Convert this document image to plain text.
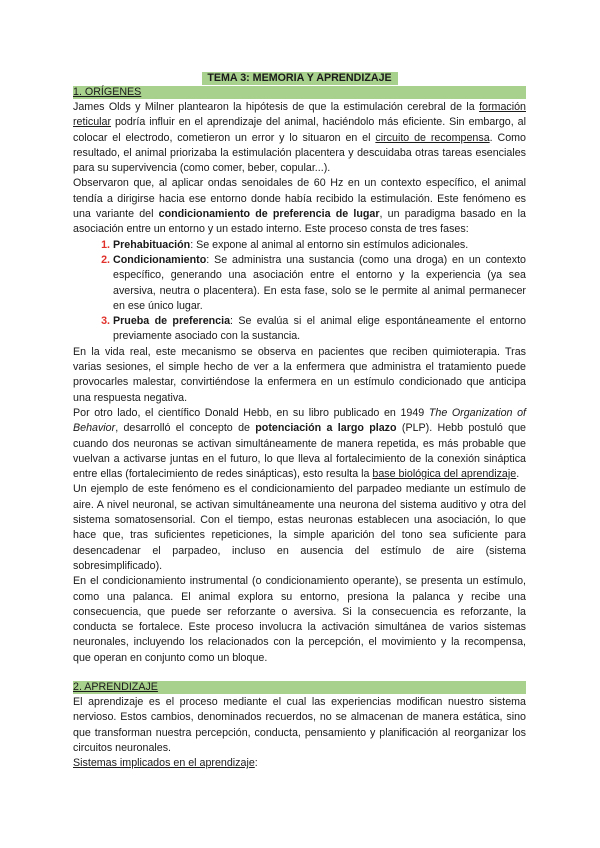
TEMA 3: MEMORIA Y APRENDIZAJE
1. ORÍGENES

James Olds y Milner plantearon la hipótesis de que la estimulación cerebral de la formación reticular podría influir en el aprendizaje del animal, haciéndolo más eficiente. Sin embargo, al colocar el electrodo, cometieron un error y lo situaron en el circuito de recompensa. Como resultado, el animal priorizaba la estimulación placentera y descuidaba otras tareas esenciales para su supervivencia (como comer, beber, copular...).

Observaron que, al aplicar ondas senoidales de 60 Hz en un contexto específico, el animal tendía a dirigirse hacia ese entorno donde había recibido la estimulación. Este fenómeno es una variante del condicionamiento de preferencia de lugar, un paradigma basado en la asociación entre un entorno y un estado interno. Este proceso consta de tres fases:

1. Prehabituación: Se expone al animal al entorno sin estímulos adicionales.
2. Condicionamiento: Se administra una sustancia (como una droga) en un contexto específico, generando una asociación entre el entorno y la experiencia (ya sea aversiva, neutra o placentera). En esta fase, solo se le permite al animal permanecer en ese único lugar.
3. Prueba de preferencia: Se evalúa si el animal elige espontáneamente el entorno previamente asociado con la sustancia.

En la vida real, este mecanismo se observa en pacientes que reciben quimioterapia. Tras varias sesiones, el simple hecho de ver a la enfermera que administra el tratamiento puede provocarles malestar, convirtiéndose la enfermera en un estímulo condicionado que anticipa una respuesta negativa.

Por otro lado, el científico Donald Hebb, en su libro publicado en 1949 The Organization of Behavior, desarrolló el concepto de potenciación a largo plazo (PLP). Hebb postuló que cuando dos neuronas se activan simultáneamente de manera repetida, es más probable que vuelvan a activarse juntas en el futuro, lo que lleva al fortalecimiento de la conexión sináptica entre ellas (fortalecimiento de redes sinápticas), esto resulta la base biológica del aprendizaje.

Un ejemplo de este fenómeno es el condicionamiento del parpadeo mediante un estímulo de aire. A nivel neuronal, se activan simultáneamente una neurona del sistema auditivo y otra del sistema somatosensorial. Con el tiempo, estas neuronas establecen una asociación, lo que hace que, tras suficientes repeticiones, la simple aparición del tono sea suficiente para desencadenar el parpadeo, incluso en ausencia del estímulo de aire (sistema sobresimplificado).

En el condicionamiento instrumental (o condicionamiento operante), se presenta un estímulo, como una palanca. El animal explora su entorno, presiona la palanca y recibe una consecuencia, que puede ser reforzante o aversiva. Si la consecuencia es reforzante, la conducta se fortalece. Este proceso involucra la activación simultánea de varios sistemas neuronales, incluyendo los relacionados con la percepción, el movimiento y la recompensa, que operan en conjunto como un bloque.

2. APRENDIZAJE

El aprendizaje es el proceso mediante el cual las experiencias modifican nuestro sistema nervioso. Estos cambios, denominados recuerdos, no se almacenan de manera estática, sino que transforman nuestra percepción, conducta, pensamiento y planificación al reorganizar los circuitos neuronales.

Sistemas implicados en el aprendizaje:
